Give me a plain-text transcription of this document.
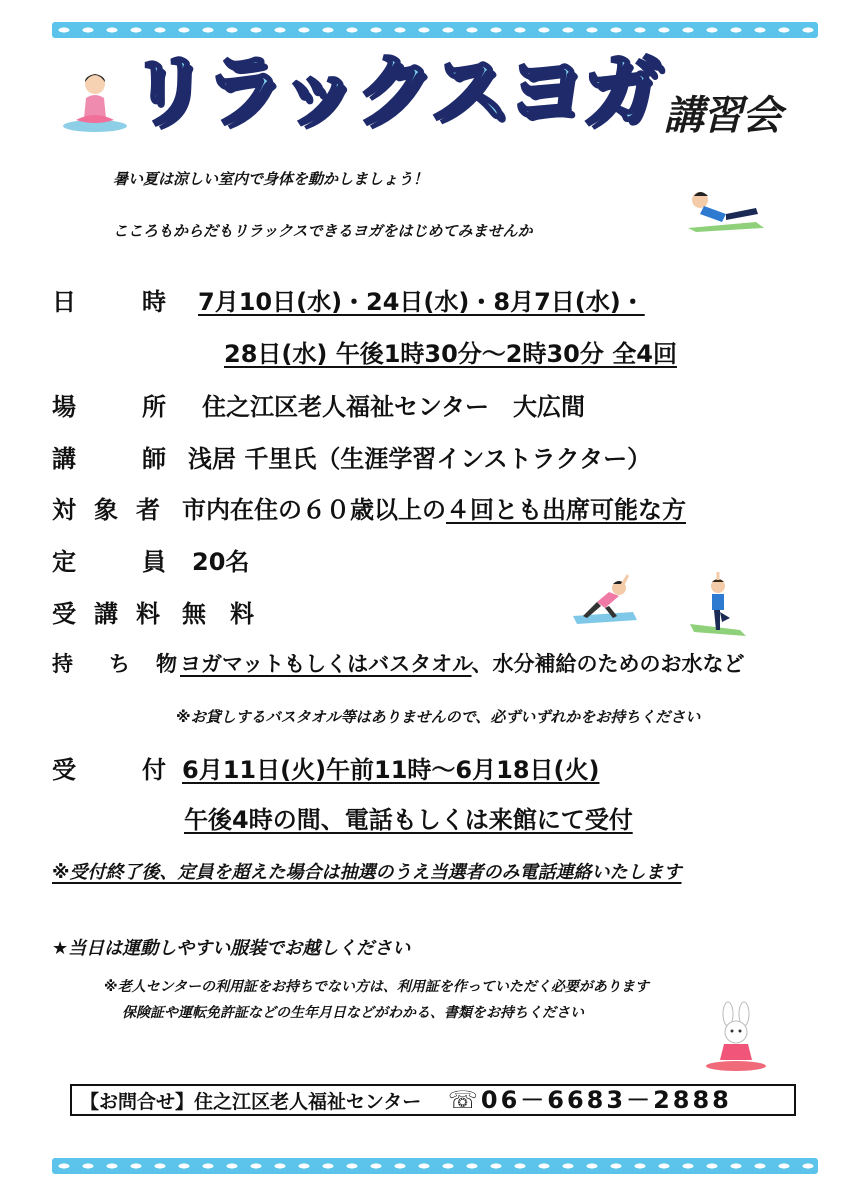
リラックスヨガ 講習会
暑い夏は涼しい室内で身体を動かしましょう！
こころもからだもリラックスできるヨガをはじめてみませんか
日	時 7月10日(水)・24日(水)・8月7日(水)・
28日(水) 午後1時30分～2時30分 全4回
場	所 住之江区老人福祉センター　大広間
講	師 浅居 千里氏（生涯学習インストラクター）
対 象 者 市内在住の６０歳以上の４回とも出席可能な方
定	員 20名
受 講 料 無　料
持 ち 物 ヨガマットもしくはバスタオル、水分補給のためのお水など
※お貸しするバスタオル等はありませんので、必ずいずれかをお持ちください
受	付 6月11日(火)午前11時～6月18日(火)
午後4時の間、電話もしくは来館にて受付
※受付終了後、定員を超えた場合は抽選のうえ当選者のみ電話連絡いたします
★当日は運動しやすい服装でお越しください
※老人センターの利用証をお持ちでない方は、利用証を作っていただく必要があります
保険証や運転免許証などの生年月日などがわかる、書類をお持ちください
【お問合せ】住之江区老人福祉センター ☏06－6683－2888
